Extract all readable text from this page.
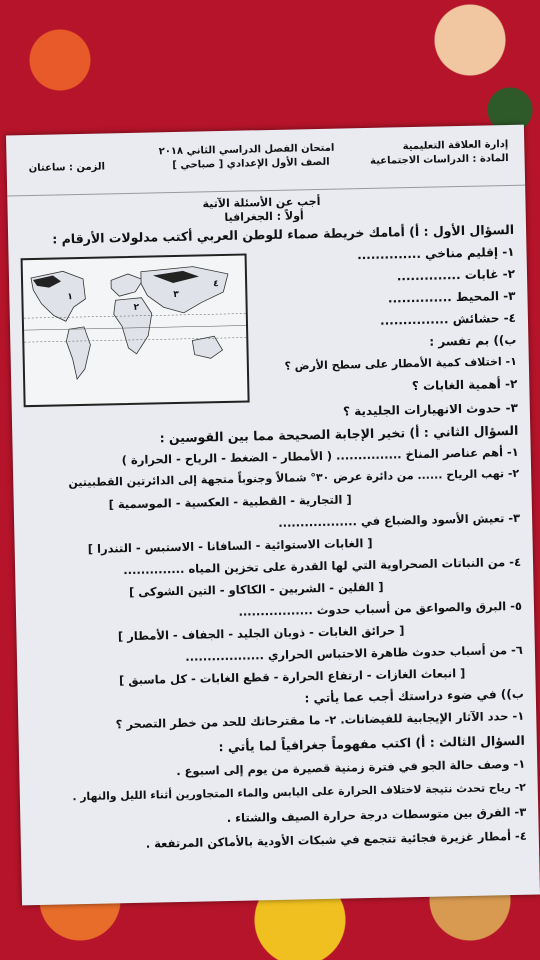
إدارة العلاقة التعليمية
المادة : الدراسات الاجتماعية
امتحان الفصل الدراسي الثاني ٢٠١٨
الصف الأول الإعدادي [ صباحي ]
الزمن : ساعتان
أجب عن الأسئلة الآتية
أولاً : الجغرافيا
السؤال الأول : أ) أمامك خريطة صماء للوطن العربي أكتب مدلولات الأرقام :
١- إقليم مناخي ..............
٢- غابات ..............
٣- المحيط ..............
٤- حشائش ...............
ب)) بم تفسر :
١- اختلاف كمية الأمطار على سطح الأرض ؟
٢- أهمية الغابات ؟
٣- حدوث الانهيارات الجليدية ؟
١
٢
٣
٤
السؤال الثاني : أ) تخير الإجابة الصحيحة مما بين القوسين :
١- أهم عناصر المناخ ............... ( الأمطار - الضغط - الرياح - الحرارة )
٢- تهب الرياح ...... من دائرة عرض ٣٠° شمالاً وجنوباً متجهة إلى الدائرتين القطبيتين
[ التجارية - القطبية - العكسية - الموسمية ]
٣- تعيش الأسود والضباع في ..................
[ الغابات الاستوائية - السافانا - الاستبس - التندرا ]
٤- من النباتات الصحراوية التي لها القدرة على تخزين المياه ..............
[ الفلين - الشربين - الكاكاو - التين الشوكى ]
٥- البرق والصواعق من أسباب حدوث .................
[ حرائق الغابات - ذوبان الجليد - الجفاف - الأمطار ]
٦- من أسباب حدوث ظاهرة الاحتباس الحراري ..................
[ انبعاث الغازات - ارتفاع الحرارة - قطع الغابات - كل ماسبق ]
ب)) في ضوء دراستك أجب عما يأتي :
١- حدد الآثار الإيجابية للفيضانات. ٢- ما مقترحاتك للحد من خطر التصحر ؟
السؤال الثالث : أ) اكتب مفهوماً جغرافياً لما يأتي :
١- وصف حالة الجو في فترة زمنية قصيرة من يوم إلى اسبوع .
٢- رياح تحدث نتيجة لاختلاف الحرارة على اليابس والماء المتجاورين أثناء الليل والنهار .
٣- الفرق بين متوسطات درجة حرارة الصيف والشتاء .
٤- أمطار غزيرة فجائية تتجمع في شبكات الأودية بالأماكن المرتفعة .
